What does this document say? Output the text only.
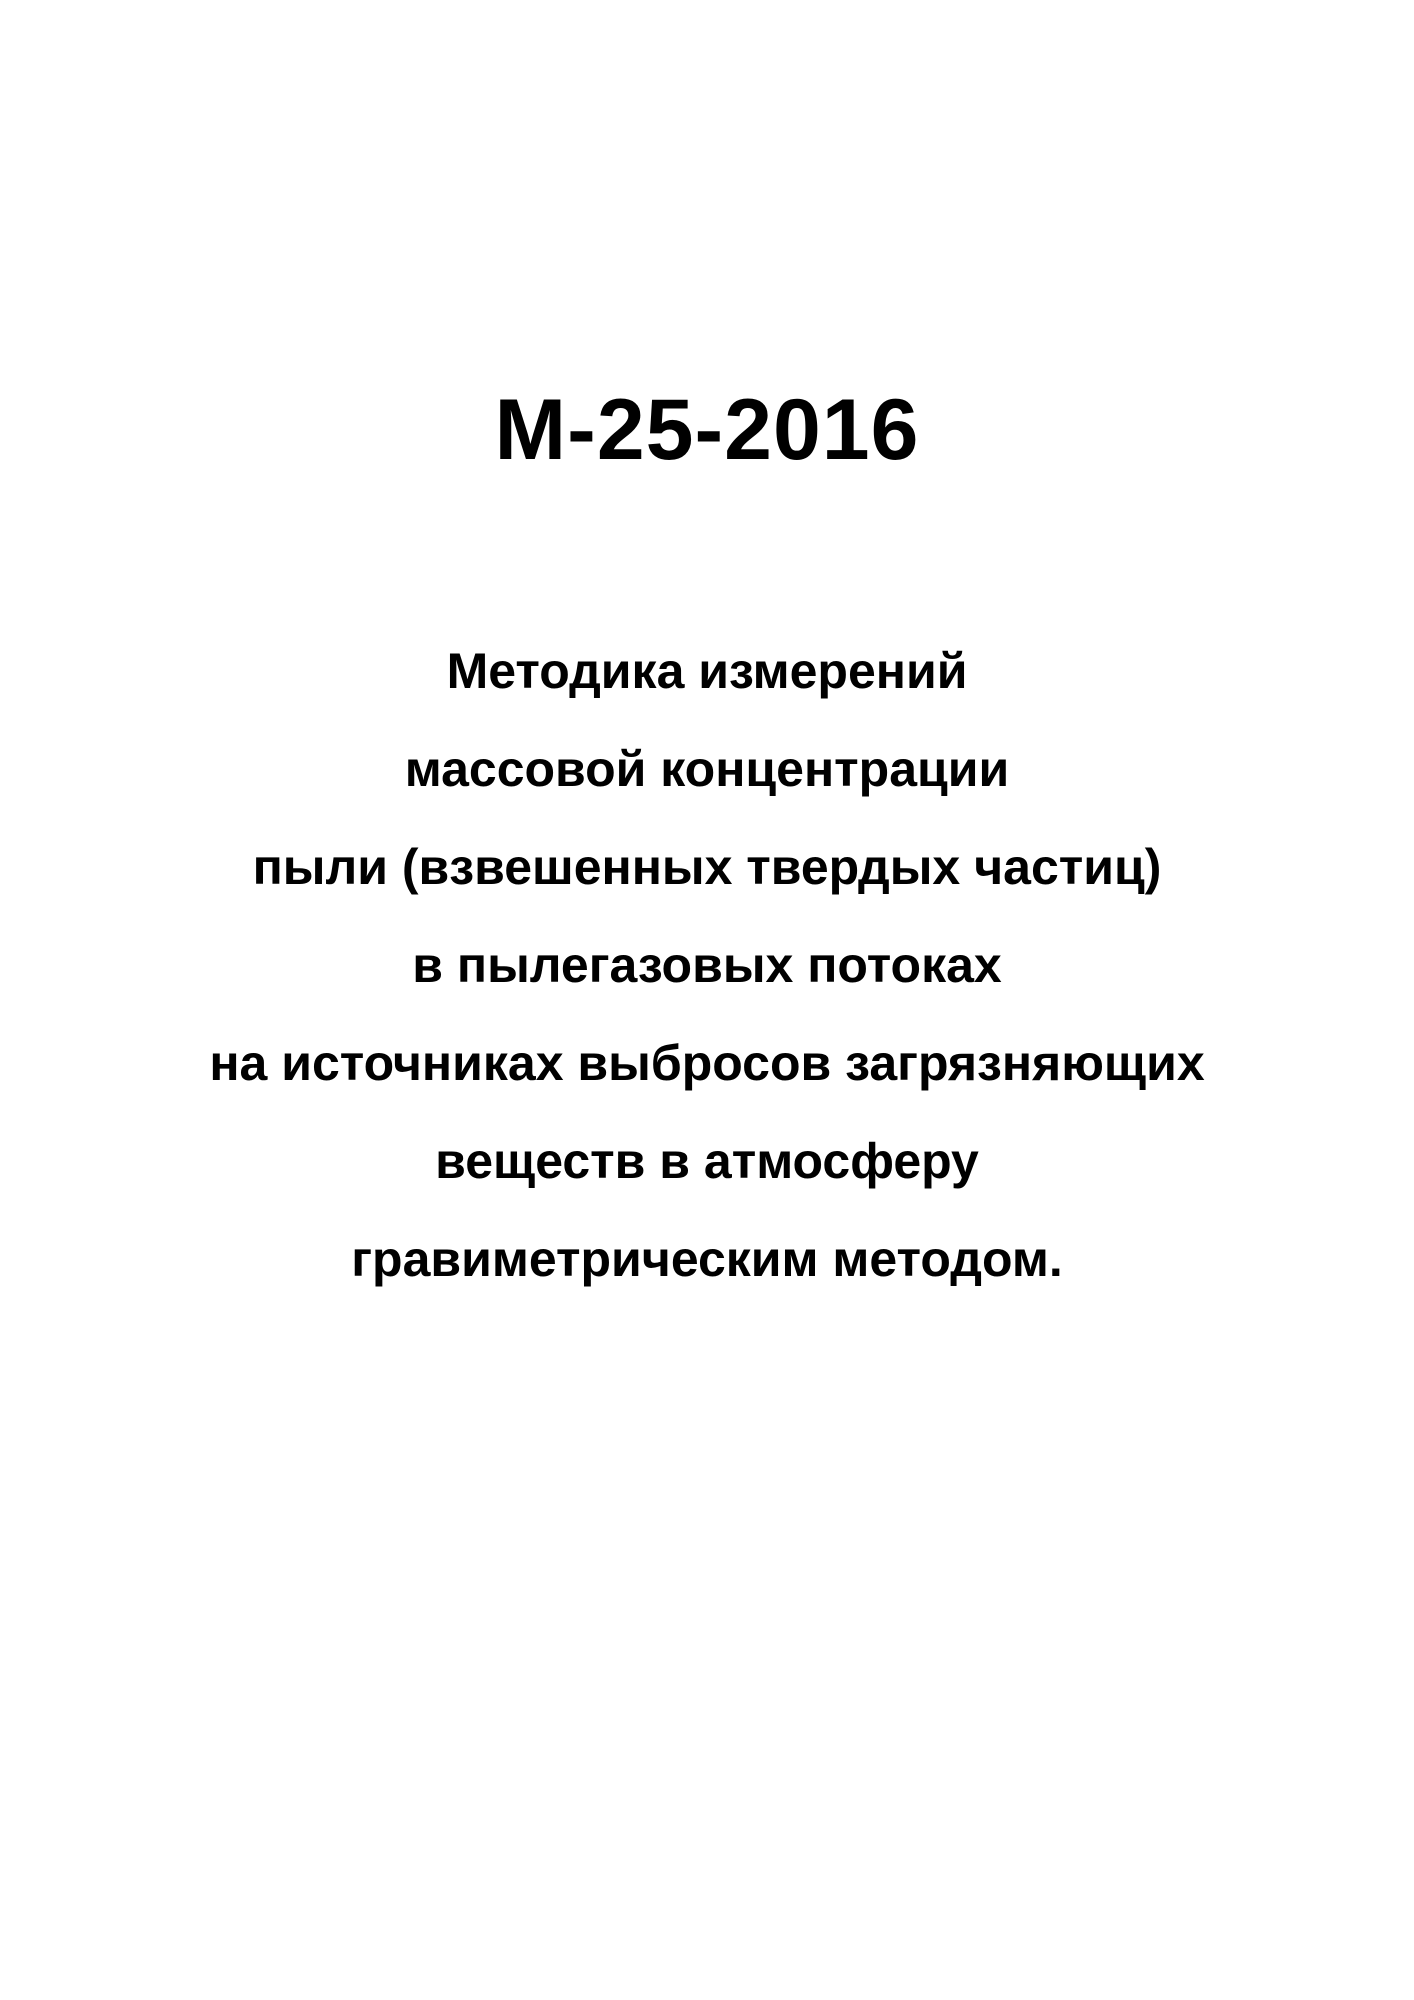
М-25-2016
Методика измерений
массовой концентрации
пыли (взвешенных твердых частиц)
в пылегазовых потоках
на источниках выбросов загрязняющих
веществ в атмосферу
гравиметрическим методом.
